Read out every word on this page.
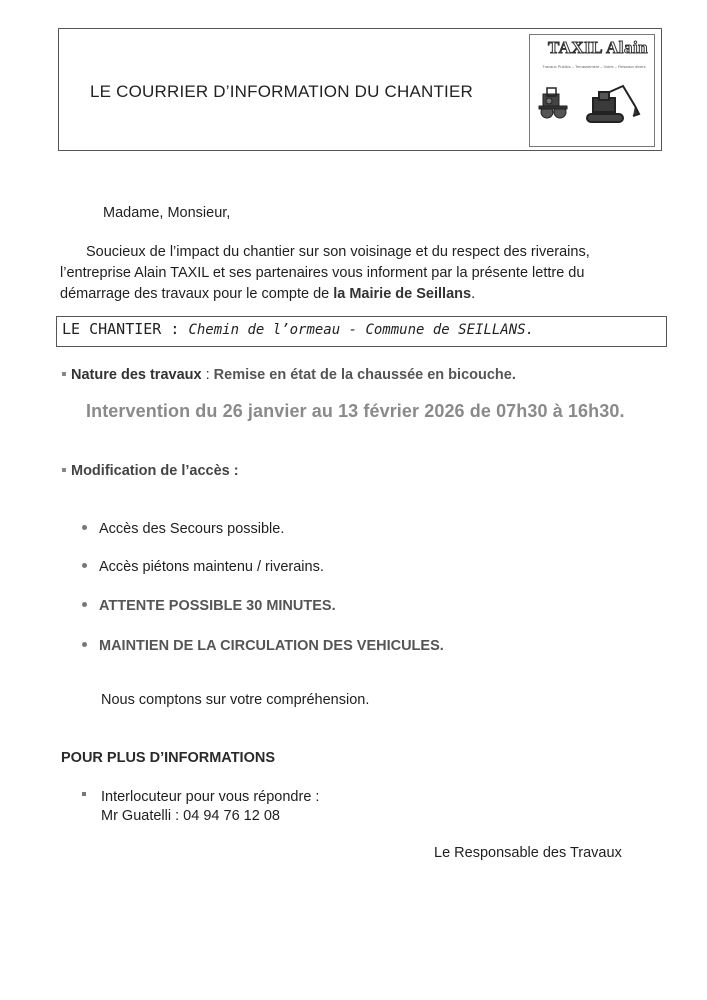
LE COURRIER D’INFORMATION DU CHANTIER
TAXIL Alain
Travaux Publics – Terrassement – Voirie – Réseaux divers
Madame, Monsieur,

Soucieux de l’impact du chantier sur son voisinage et du respect des riverains,

l’entreprise Alain TAXIL et ses partenaires vous informent par la présente lettre du

démarrage des travaux pour le compte de la Mairie de Seillans.

LE CHANTIER : Chemin de l’ormeau - Commune de SEILLANS.
Nature des travaux : Remise en état de la chaussée en bicouche.
Intervention du 26 janvier au 13 février 2026 de 07h30 à 16h30.
Modification de l’accès :
Accès des Secours possible.
Accès piétons maintenu / riverains.
ATTENTE POSSIBLE 30 MINUTES.
MAINTIEN DE LA CIRCULATION DES VEHICULES.
Nous comptons sur votre compréhension.
POUR PLUS D’INFORMATIONS
Interlocuteur pour vous répondre :
Mr Guatelli : 04 94 76 12 08
Le Responsable des Travaux
